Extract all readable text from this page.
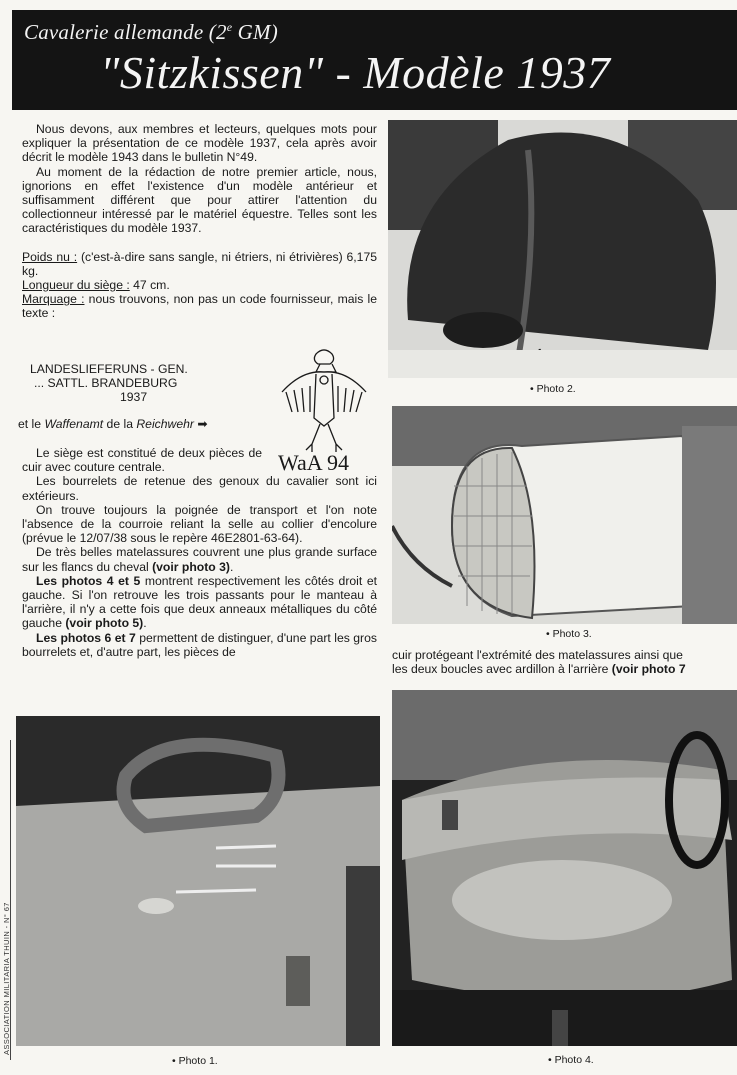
Cavalerie allemande (2e GM)
"Sitzkissen" - Modèle 1937

Nous devons, aux membres et lecteurs, quelques mots pour expliquer la présentation de ce modèle 1937, cela après avoir décrit le modèle 1943 dans le bulletin N°49.

Au moment de la rédaction de notre premier article, nous, ignorions en effet l'existence d'un modèle antérieur et suffisamment différent que pour attirer l'attention du collectionneur intéressé par le matériel équestre. Telles sont les caractéristiques du modèle 1937.

Poids nu : (c'est-à-dire sans sangle, ni étriers, ni étrivières) 6,175 kg.

Longueur du siège : 47 cm.

Marquage : nous trouvons, non pas un code fournisseur, mais le texte :

LANDESLIEFERUNS - GEN.
... SATTL. BRANDEBURG
1937
et le Waffenamt de la Reichwehr ➡
WaA 94

Le siège est constitué de deux pièces de cuir avec couture centrale.

Les bourrelets de retenue des genoux du cavalier sont ici extérieurs.

On trouve toujours la poignée de transport et l'on note l'absence de la courroie reliant la selle au collier d'encolure (prévue le 12/07/38 sous le repère 46E2801-63-64).

De très belles matelassures couvrent une plus grande surface sur les flancs du cheval (voir photo 3).

Les photos 4 et 5 montrent respectivement les côtés droit et gauche. Si l'on retrouve les trois passants pour le manteau à l'arrière, il n'y a cette fois que deux anneaux métalliques du côté gauche (voir photo 5).

Les photos 6 et 7 permettent de distinguer, d'une part les gros bourrelets et, d'autre part, les pièces de

• Photo 2.
• Photo 3.
cuir protégeant l'extrémité des matelassures ainsi que
les deux boucles avec ardillon à l'arrière (voir photo 7
• Photo 1.	• Photo 4.
ASSOCIATION MILITARIA THUIN - N° 67
